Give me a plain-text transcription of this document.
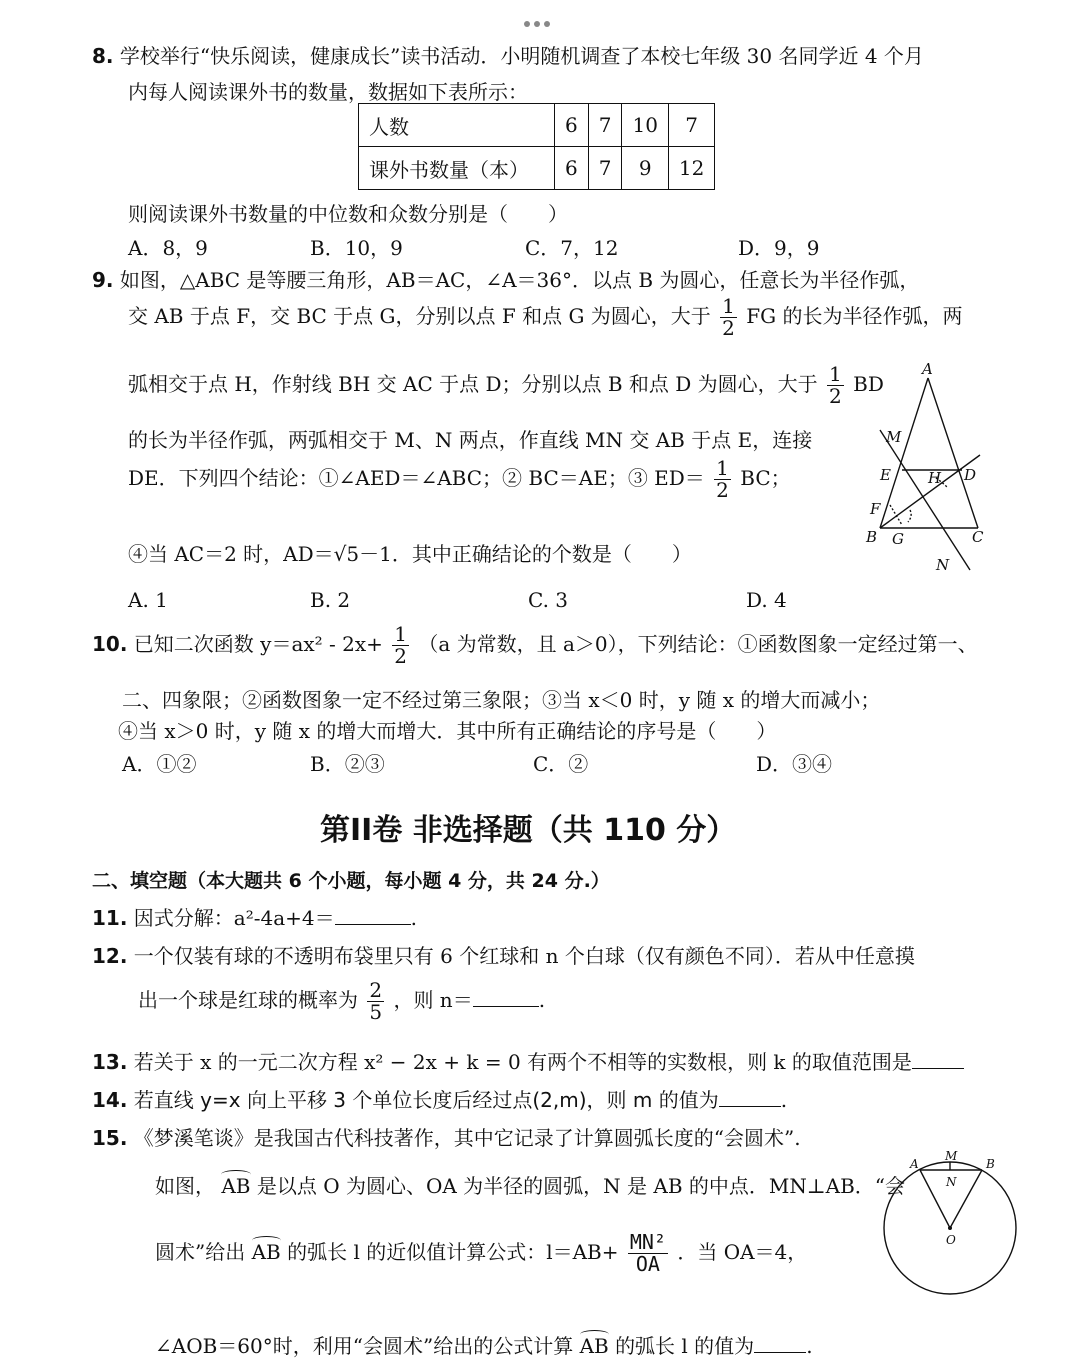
8. 学校举行“快乐阅读，健康成长”读书活动．小明随机调查了本校七年级 30 名同学近 4 个月
内每人阅读课外书的数量，数据如下表所示：
人数	6	7	10	7
课外书数量（本）	6	7	9	12
则阅读课外书数量的中位数和众数分别是（　　）
A．8，9	B．10，9	C．7，12	D．9，9
9. 如图，△ABC 是等腰三角形，AB＝AC，∠A＝36°．以点 B 为圆心，任意长为半径作弧，
交 AB 于点 F，交 BC 于点 G，分别以点 F 和点 G 为圆心，大于 $\frac{1}{2}$ FG 的长为半径作弧，两
弧相交于点 H，作射线 BH 交 AC 于点 D；分别以点 B 和点 D 为圆心，大于 $\frac{1}{2}$ BD
的长为半径作弧，两弧相交于 M、N 两点，作直线 MN 交 AB 于点 E，连接
DE．下列四个结论：①∠AED＝∠ABC；② BC＝AE；③ $ED= \frac{1}{2}$ BC；
④当 AC＝2 时，AD＝√5－1．其中正确结论的个数是（　　）
A. 1	B. 2	C. 3	D. 4
A
M
E H D
F
B G	C
N
10. 已知二次函数 $y=ax^2 - 2x+ \frac{1}{2} (a$ 为常数，且 a＞0），下列结论：①函数图象一定经过第一、
二、四象限；②函数图象一定不经过第三象限；③当 x＜0 时，y 随 x 的增大而减小；
④当 x＞0 时，y 随 x 的增大而增大．其中所有正确结论的序号是（　　）
A．①②	B．②③	C．②	D．③④
第II卷 非选择题（共 110 分）
二、填空题（本大题共 6 个小题，每小题 4 分，共 24 分.）
11. 因式分解：a²-4a+4＝	.
12. 一个仅装有球的不透明布袋里只有 6 个红球和 n 个白球（仅有颜色不同）．若从中任意摸
出一个球是红球的概率为 $\frac{2}{5}$ ，则 n＝	.
13. 若关于 x 的一元二次方程 x² − 2x + k = 0 有两个不相等的实数根，则 k 的取值范围是
14. 若直线 y=x 向上平移 3 个单位长度后经过点(2,m)，则 m 的值为	.
15. 《梦溪笔谈》是我国古代科技著作，其中它记录了计算圆弧长度的“会圆术”.
如图， AB 是以点 O 为圆心、OA 为半径的圆弧，N 是 AB 的中点．MN⊥AB．“会
圆术”给出 AB 的弧长 l 的近似值计算公式：$l=AB+ \frac{\text{MN²}}{OA}$ ．当 OA＝4，
∠AOB＝60°时，利用“会圆术”给出的公式计算 AB 的弧长 l 的值为	.
A
M
B
N
O
